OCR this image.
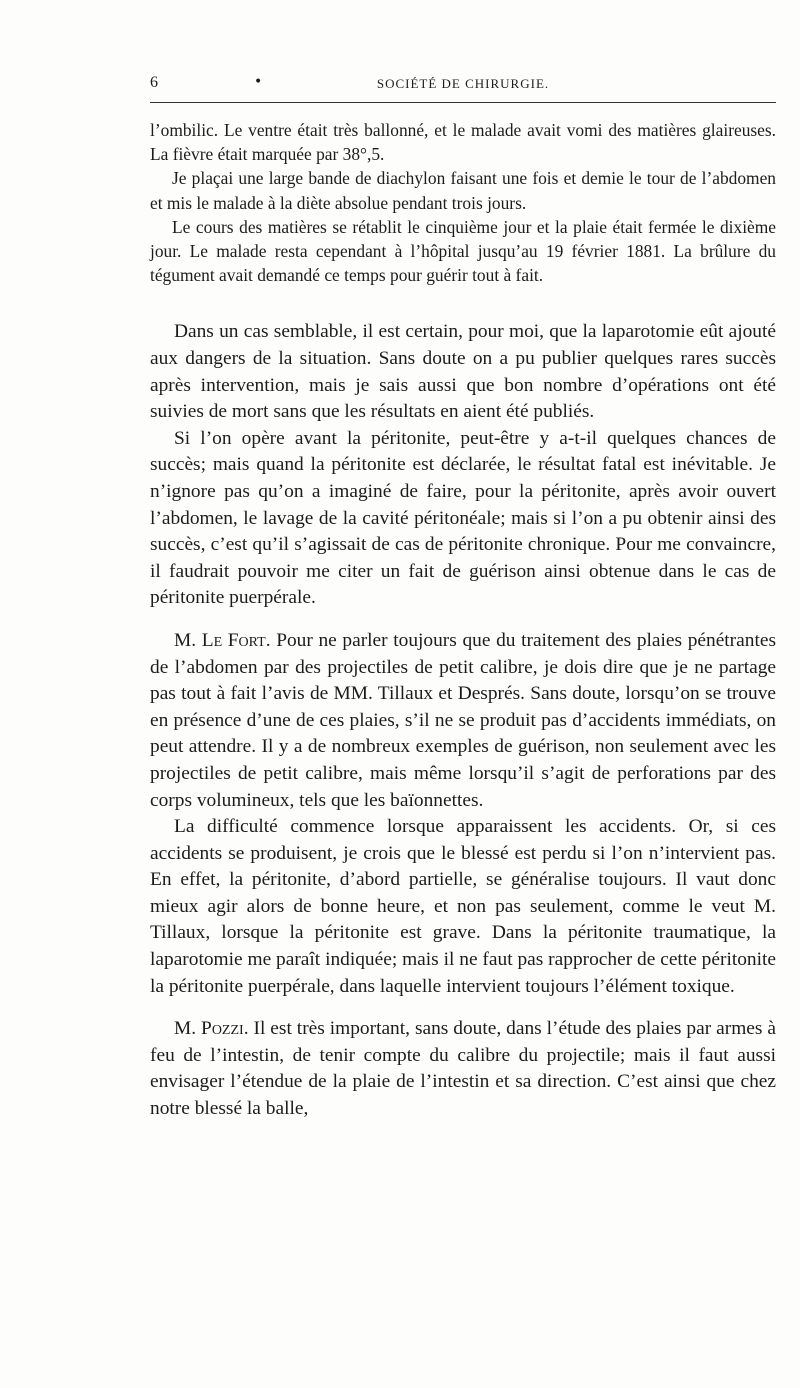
6	•	SOCIÉTÉ DE CHIRURGIE.

l’ombilic. Le ventre était très ballonné, et le malade avait vomi des matières glaireuses. La fièvre était marquée par 38°,5.

Je plaçai une large bande de diachylon faisant une fois et demie le tour de l’abdomen et mis le malade à la diète absolue pendant trois jours.

Le cours des matières se rétablit le cinquième jour et la plaie était fermée le dixième jour. Le malade resta cependant à l’hôpital jusqu’au 19 février 1881. La brûlure du tégument avait demandé ce temps pour guérir tout à fait.

Dans un cas semblable, il est certain, pour moi, que la laparotomie eût ajouté aux dangers de la situation. Sans doute on a pu publier quelques rares succès après intervention, mais je sais aussi que bon nombre d’opérations ont été suivies de mort sans que les résultats en aient été publiés.

Si l’on opère avant la péritonite, peut-être y a-t-il quelques chances de succès; mais quand la péritonite est déclarée, le résultat fatal est inévitable. Je n’ignore pas qu’on a imaginé de faire, pour la péritonite, après avoir ouvert l’abdomen, le lavage de la cavité péritonéale; mais si l’on a pu obtenir ainsi des succès, c’est qu’il s’agissait de cas de péritonite chronique. Pour me convaincre, il faudrait pouvoir me citer un fait de guérison ainsi obtenue dans le cas de péritonite puerpérale.

M. Le Fort. Pour ne parler toujours que du traitement des plaies pénétrantes de l’abdomen par des projectiles de petit calibre, je dois dire que je ne partage pas tout à fait l’avis de MM. Tillaux et Després. Sans doute, lorsqu’on se trouve en présence d’une de ces plaies, s’il ne se produit pas d’accidents immédiats, on peut attendre. Il y a de nombreux exemples de guérison, non seulement avec les projectiles de petit calibre, mais même lorsqu’il s’agit de perforations par des corps volumineux, tels que les baïonnettes.

La difficulté commence lorsque apparaissent les accidents. Or, si ces accidents se produisent, je crois que le blessé est perdu si l’on n’intervient pas. En effet, la péritonite, d’abord partielle, se généralise toujours. Il vaut donc mieux agir alors de bonne heure, et non pas seulement, comme le veut M. Tillaux, lorsque la péritonite est grave. Dans la péritonite traumatique, la laparotomie me paraît indiquée; mais il ne faut pas rapprocher de cette péritonite la péritonite puerpérale, dans laquelle intervient toujours l’élément toxique.

M. Pozzi. Il est très important, sans doute, dans l’étude des plaies par armes à feu de l’intestin, de tenir compte du calibre du projectile; mais il faut aussi envisager l’étendue de la plaie de l’intestin et sa direction. C’est ainsi que chez notre blessé la balle,
